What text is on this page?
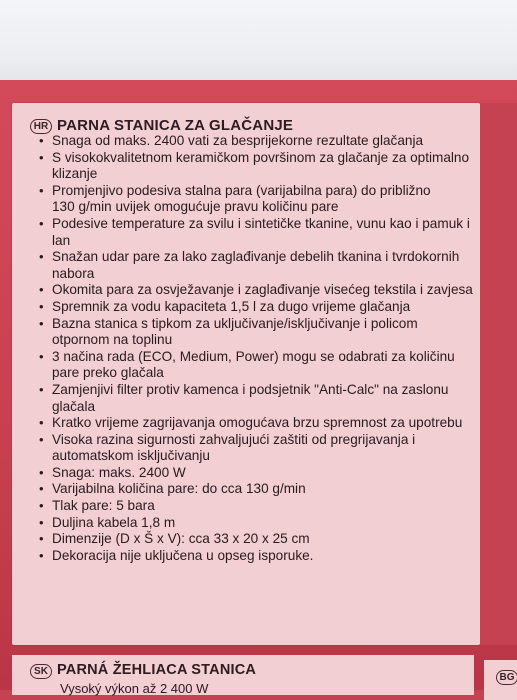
HR PARNA STANICA ZA GLAČANJE
• Snaga od maks. 2400 vati za besprijekorne rezultate glačanja
• S visokokvalitetnom keramičkom površinom za glačanje za optimalno
klizanje
• Promjenjivo podesiva stalna para (varijabilna para) do približno
130 g/min uvijek omogućuje pravu količinu pare
• Podesive temperature za svilu i sintetičke tkanine, vunu kao i pamuk i
lan
• Snažan udar pare za lako zaglađivanje debelih tkanina i tvrdokornih
nabora
• Okomita para za osvježavanje i zaglađivanje visećeg tekstila i zavjesa
• Spremnik za vodu kapaciteta 1,5 l za dugo vrijeme glačanja
• Bazna stanica s tipkom za uključivanje/isključivanje i policom
otpornom na toplinu
• 3 načina rada (ECO, Medium, Power) mogu se odabrati za količinu
pare preko glačala
• Zamjenjivi filter protiv kamenca i podsjetnik "Anti-Calc" na zaslonu
glačala
• Kratko vrijeme zagrijavanja omogućava brzu spremnost za upotrebu
• Visoka razina sigurnosti zahvaljujući zaštiti od pregrijavanja i
automatskom isključivanju
• Snaga: maks. 2400 W
• Varijabilna količina pare: do cca 130 g/min
• Tlak pare: 5 bara
• Duljina kabela 1,8 m
• Dimenzije (D x Š x V): cca 33 x 20 x 25 cm
• Dekoracija nije uključena u opseg isporuke.
SK PARNÁ ŽEHLIACA STANICA
Vysoký výkon až 2 400 W
BG
